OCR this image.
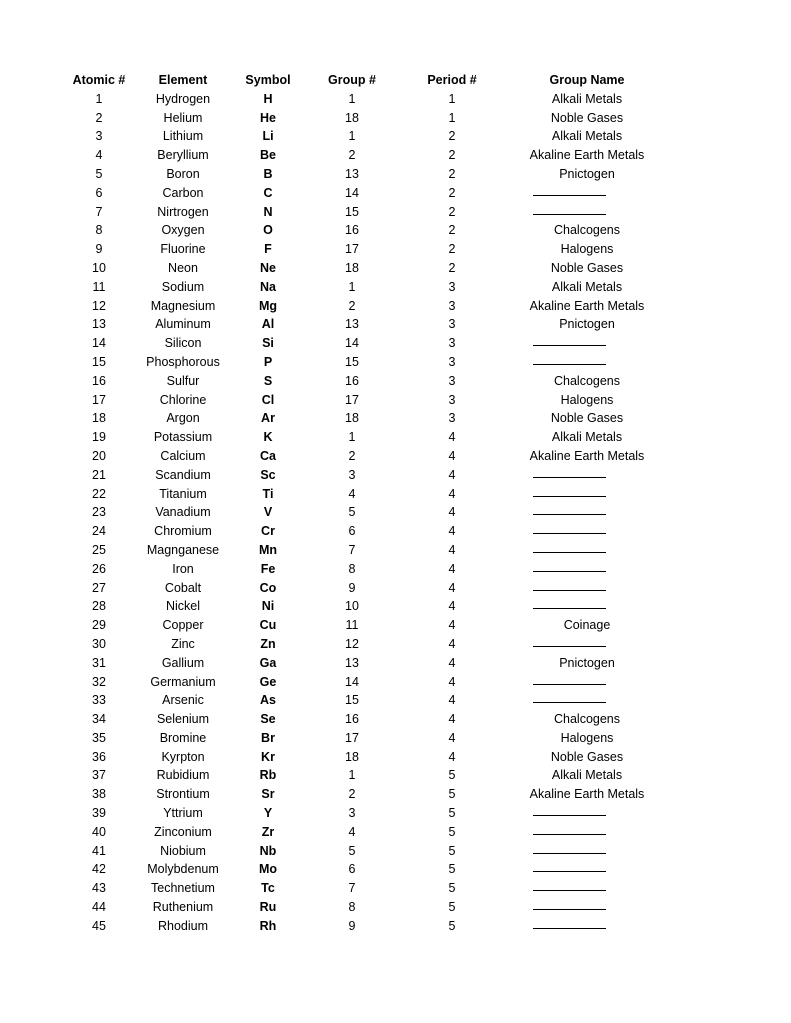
Atomic #	Element	Symbol	Group #	Period #	Group Name
1	Hydrogen	H	1	1	Alkali Metals
2	Helium	He	18	1	Noble Gases
3	Lithium	Li	1	2	Alkali Metals
4	Beryllium	Be	2	2	Akaline Earth Metals
5	Boron	B	13	2	Pnictogen
6	Carbon	C	14	2
7	Nirtrogen	N	15	2
8	Oxygen	O	16	2	Chalcogens
9	Fluorine	F	17	2	Halogens
10	Neon	Ne	18	2	Noble Gases
11	Sodium	Na	1	3	Alkali Metals
12	Magnesium	Mg	2	3	Akaline Earth Metals
13	Aluminum	Al	13	3	Pnictogen
14	Silicon	Si	14	3
15	Phosphorous	P	15	3
16	Sulfur	S	16	3	Chalcogens
17	Chlorine	Cl	17	3	Halogens
18	Argon	Ar	18	3	Noble Gases
19	Potassium	K	1	4	Alkali Metals
20	Calcium	Ca	2	4	Akaline Earth Metals
21	Scandium	Sc	3	4
22	Titanium	Ti	4	4
23	Vanadium	V	5	4
24	Chromium	Cr	6	4
25	Magnganese	Mn	7	4
26	Iron	Fe	8	4
27	Cobalt	Co	9	4
28	Nickel	Ni	10	4
29	Copper	Cu	11	4	Coinage
30	Zinc	Zn	12	4
31	Gallium	Ga	13	4	Pnictogen
32	Germanium	Ge	14	4
33	Arsenic	As	15	4
34	Selenium	Se	16	4	Chalcogens
35	Bromine	Br	17	4	Halogens
36	Kyrpton	Kr	18	4	Noble Gases
37	Rubidium	Rb	1	5	Alkali Metals
38	Strontium	Sr	2	5	Akaline Earth Metals
39	Yttrium	Y	3	5
40	Zinconium	Zr	4	5
41	Niobium	Nb	5	5
42	Molybdenum	Mo	6	5
43	Technetium	Tc	7	5
44	Ruthenium	Ru	8	5
45	Rhodium	Rh	9	5
